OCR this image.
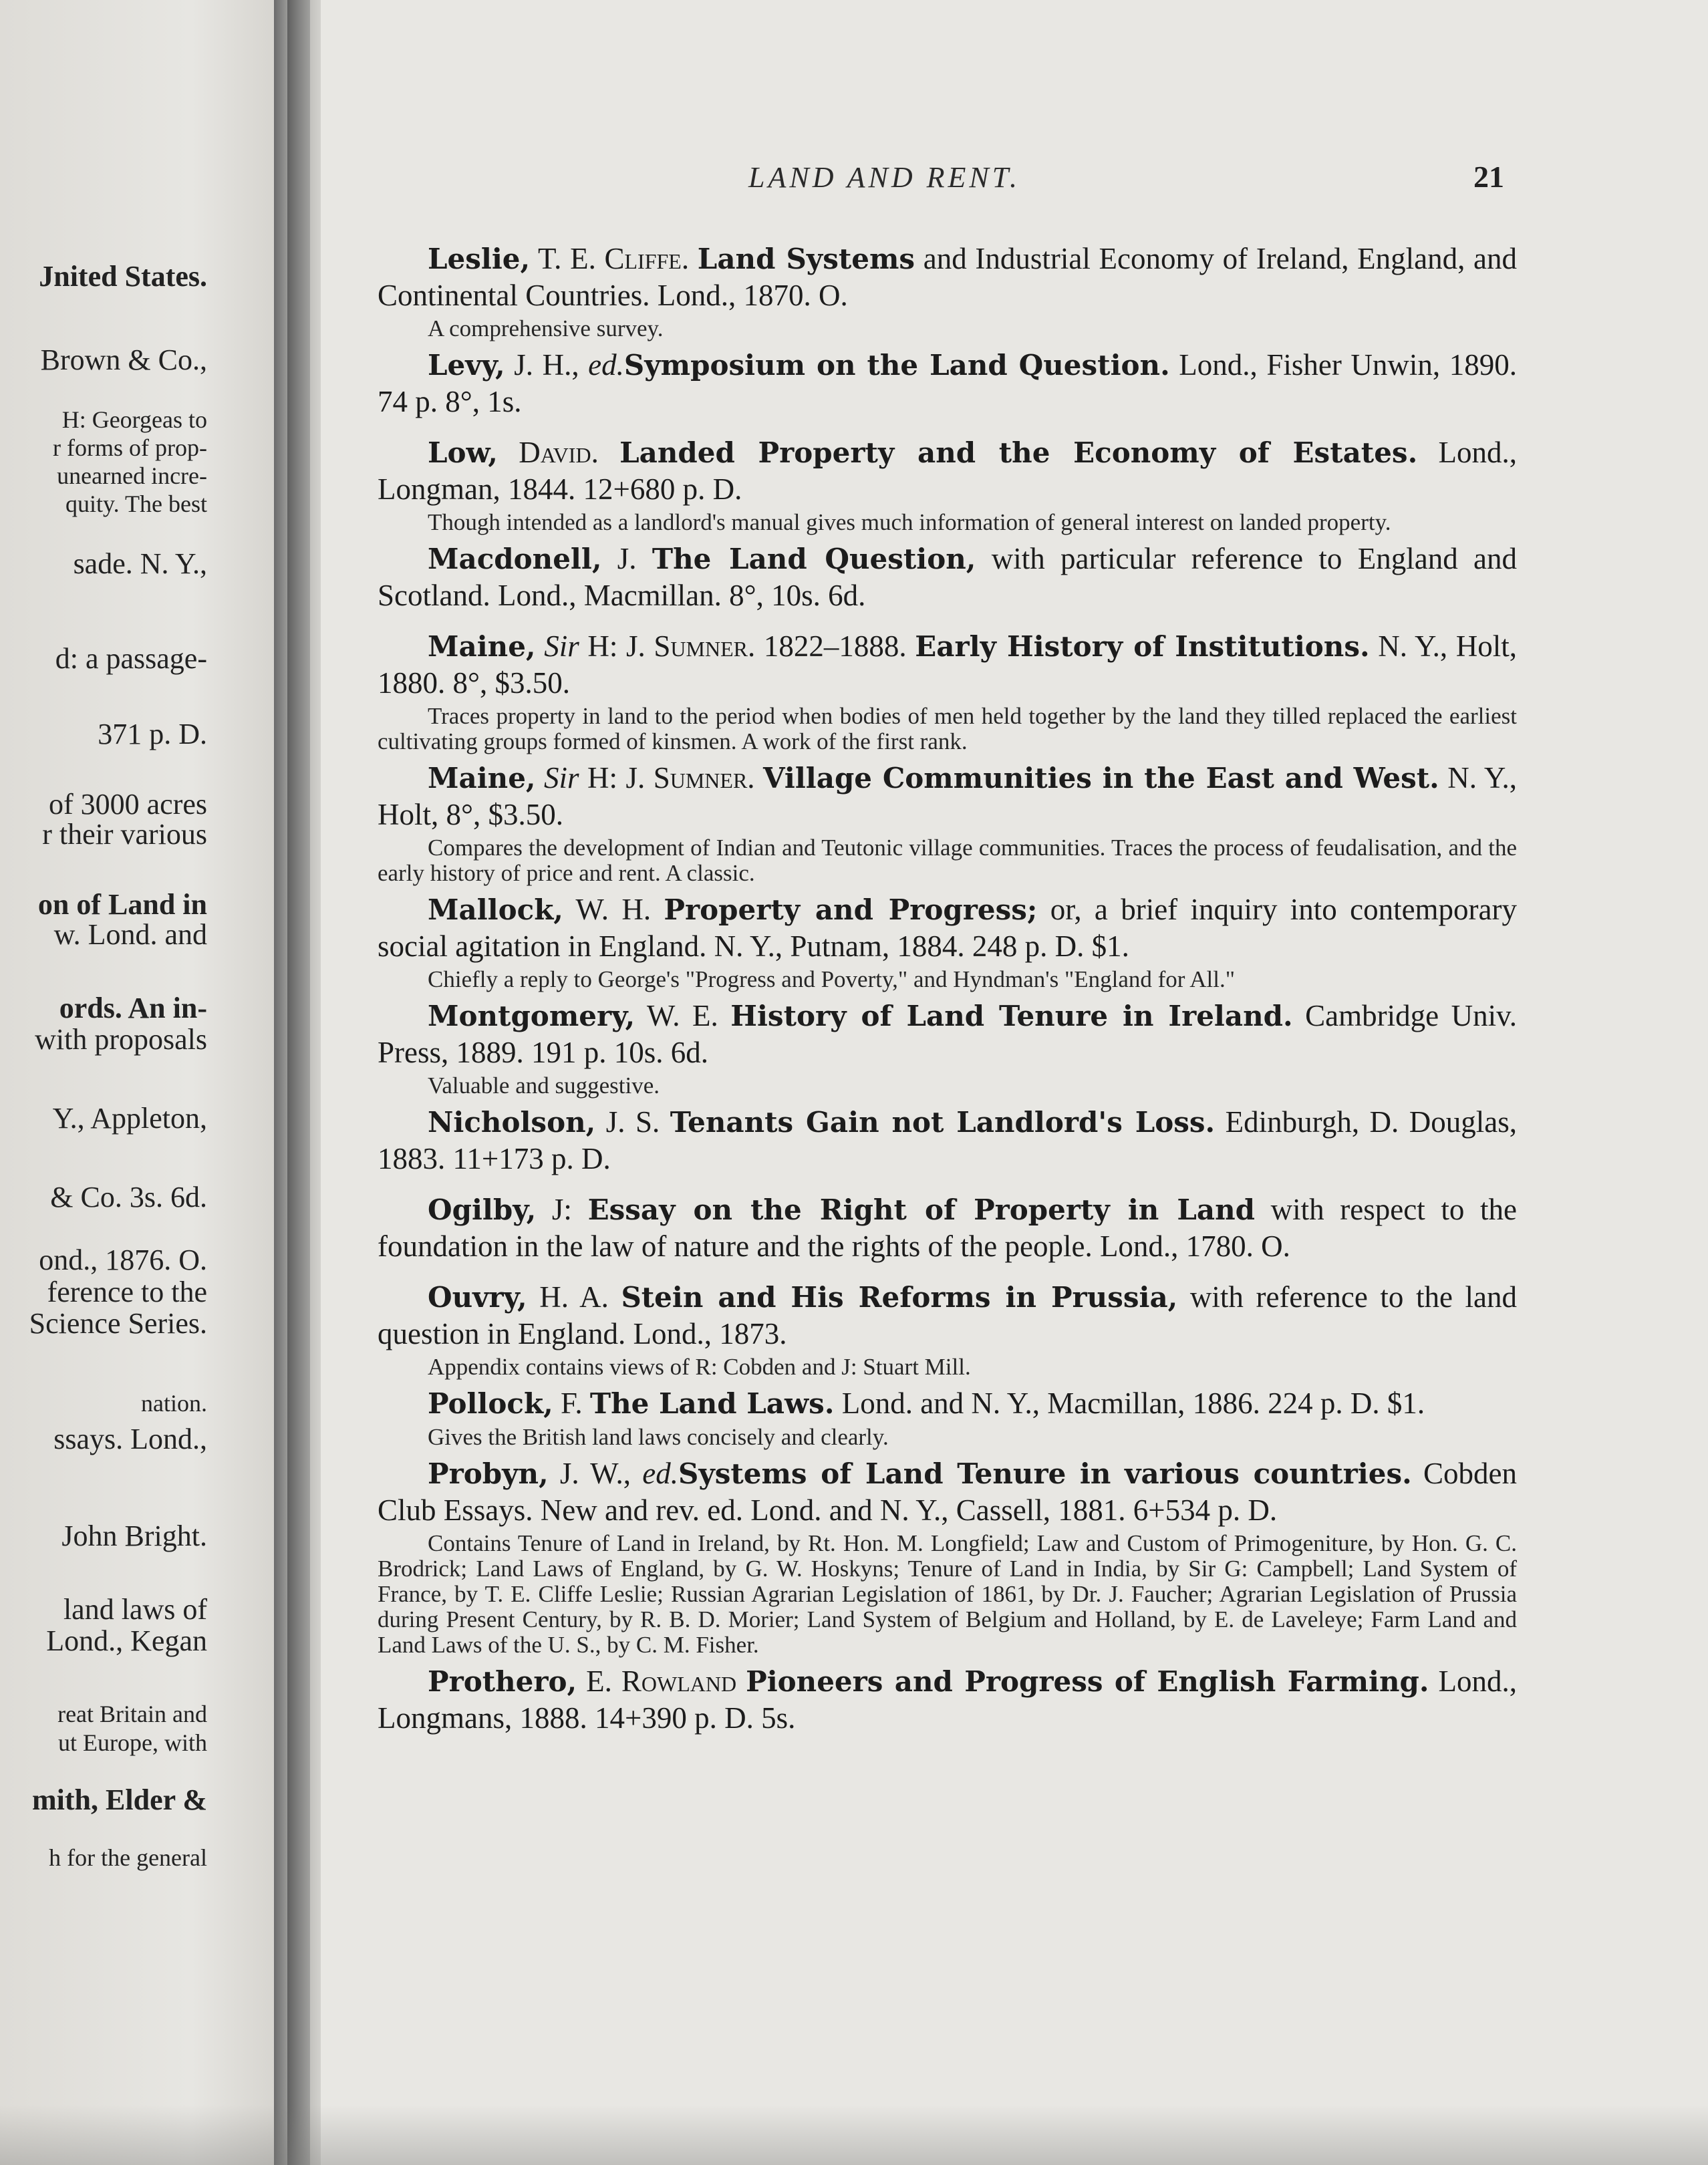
Jnited States.
Brown & Co.,
H: Georgeas to
r forms of prop-
unearned incre-
quity. The best
sade. N. Y.,
d: a passage-
371 p. D.
of 3000 acres
r their various
on of Land in
w. Lond. and
ords. An in-
with proposals
Y., Appleton,
& Co. 3s. 6d.
ond., 1876. O.
ference to the
Science Series.
nation.
ssays. Lond.,
John Bright.
land laws of
Lond., Kegan
reat Britain and
ut Europe, with
mith, Elder &
h for the general
LAND AND RENT.	21

Leslie, T. E. Cliffe. Land Systems and Industrial Economy of Ireland, England, and Continental Countries. Lond., 1870. O.

A comprehensive survey.

Levy, J. H., ed.Symposium on the Land Question. Lond., Fisher Unwin, 1890. 74 p. 8°, 1s.

Low, David. Landed Property and the Economy of Estates. Lond., Longman, 1844. 12+680 p. D.

Though intended as a landlord's manual gives much information of general interest on landed property.

Macdonell, J. The Land Question, with particular reference to England and Scotland. Lond., Macmillan. 8°, 10s. 6d.

Maine, Sir H: J. Sumner. 1822–1888. Early History of Institutions. N. Y., Holt, 1880. 8°, $3.50.

Traces property in land to the period when bodies of men held together by the land they tilled replaced the earliest cultivating groups formed of kinsmen. A work of the first rank.

Maine, Sir H: J. Sumner. Village Communities in the East and West. N. Y., Holt, 8°, $3.50.

Compares the development of Indian and Teutonic village communities. Traces the process of feudalisation, and the early history of price and rent. A classic.

Mallock, W. H. Property and Progress; or, a brief inquiry into contemporary social agitation in England. N. Y., Putnam, 1884. 248 p. D. $1.

Chiefly a reply to George's "Progress and Poverty," and Hyndman's "England for All."

Montgomery, W. E. History of Land Tenure in Ireland. Cambridge Univ. Press, 1889. 191 p. 10s. 6d.

Valuable and suggestive.

Nicholson, J. S. Tenants Gain not Landlord's Loss. Edinburgh, D. Douglas, 1883. 11+173 p. D.

Ogilby, J: Essay on the Right of Property in Land with respect to the foundation in the law of nature and the rights of the people. Lond., 1780. O.

Ouvry, H. A. Stein and His Reforms in Prussia, with reference to the land question in England. Lond., 1873.

Appendix contains views of R: Cobden and J: Stuart Mill.

Pollock, F. The Land Laws. Lond. and N. Y., Macmillan, 1886. 224 p. D. $1.

Gives the British land laws concisely and clearly.

Probyn, J. W., ed.Systems of Land Tenure in various countries. Cobden Club Essays. New and rev. ed. Lond. and N. Y., Cassell, 1881. 6+534 p. D.

Contains Tenure of Land in Ireland, by Rt. Hon. M. Longfield; Law and Custom of Primogeniture, by Hon. G. C. Brodrick; Land Laws of England, by G. W. Hoskyns; Tenure of Land in India, by Sir G: Campbell; Land System of France, by T. E. Cliffe Leslie; Russian Agrarian Legislation of 1861, by Dr. J. Faucher; Agrarian Legislation of Prussia during Present Century, by R. B. D. Morier; Land System of Belgium and Holland, by E. de Laveleye; Farm Land and Land Laws of the U. S., by C. M. Fisher.

Prothero, E. Rowland Pioneers and Progress of English Farming. Lond., Longmans, 1888. 14+390 p. D. 5s.
